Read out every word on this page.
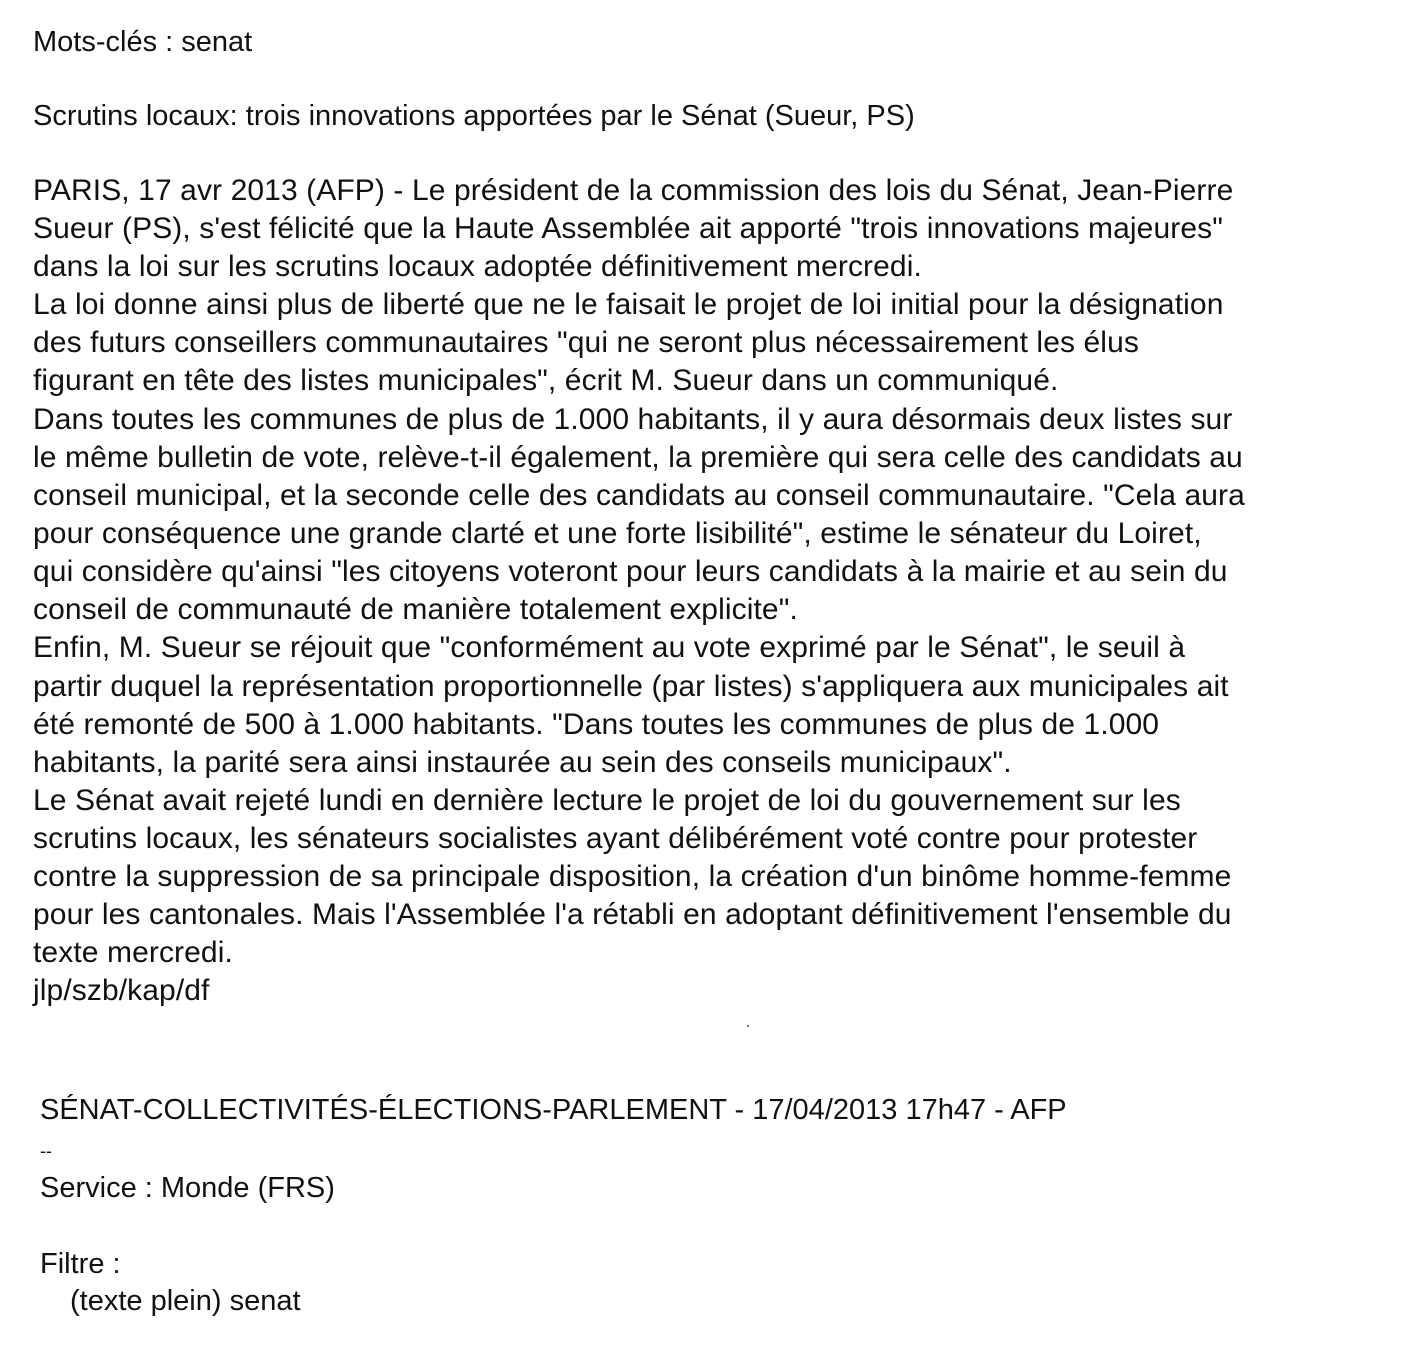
Mots-clés : senat

Scrutins locaux: trois innovations apportées par le Sénat (Sueur, PS)

PARIS, 17 avr 2013 (AFP) - Le président de la commission des lois du Sénat, Jean-Pierre

Sueur (PS), s'est félicité que la Haute Assemblée ait apporté "trois innovations majeures"

dans la loi sur les scrutins locaux adoptée définitivement mercredi.

La loi donne ainsi plus de liberté que ne le faisait le projet de loi initial pour la désignation

des futurs conseillers communautaires "qui ne seront plus nécessairement les élus

figurant en tête des listes municipales", écrit M. Sueur dans un communiqué.

Dans toutes les communes de plus de 1.000 habitants, il y aura désormais deux listes sur

le même bulletin de vote, relève-t-il également, la première qui sera celle des candidats au

conseil municipal, et la seconde celle des candidats au conseil communautaire. "Cela aura

pour conséquence une grande clarté et une forte lisibilité", estime le sénateur du Loiret,

qui considère qu'ainsi "les citoyens voteront pour leurs candidats à la mairie et au sein du

conseil de communauté de manière totalement explicite".

Enfin, M. Sueur se réjouit que "conformément au vote exprimé par le Sénat", le seuil à

partir duquel la représentation proportionnelle (par listes) s'appliquera aux municipales ait

été remonté de 500 à 1.000 habitants. "Dans toutes les communes de plus de 1.000

habitants, la parité sera ainsi instaurée au sein des conseils municipaux".

Le Sénat avait rejeté lundi en dernière lecture le projet de loi du gouvernement sur les

scrutins locaux, les sénateurs socialistes ayant délibérément voté contre pour protester

contre la suppression de sa principale disposition, la création d'un binôme homme-femme

pour les cantonales. Mais l'Assemblée l'a rétabli en adoptant définitivement l'ensemble du

texte mercredi.

jlp/szb/kap/df

SÉNAT-COLLECTIVITÉS-ÉLECTIONS-PARLEMENT - 17/04/2013 17h47 - AFP

--

Service : Monde (FRS)

Filtre :

(texte plein) senat
